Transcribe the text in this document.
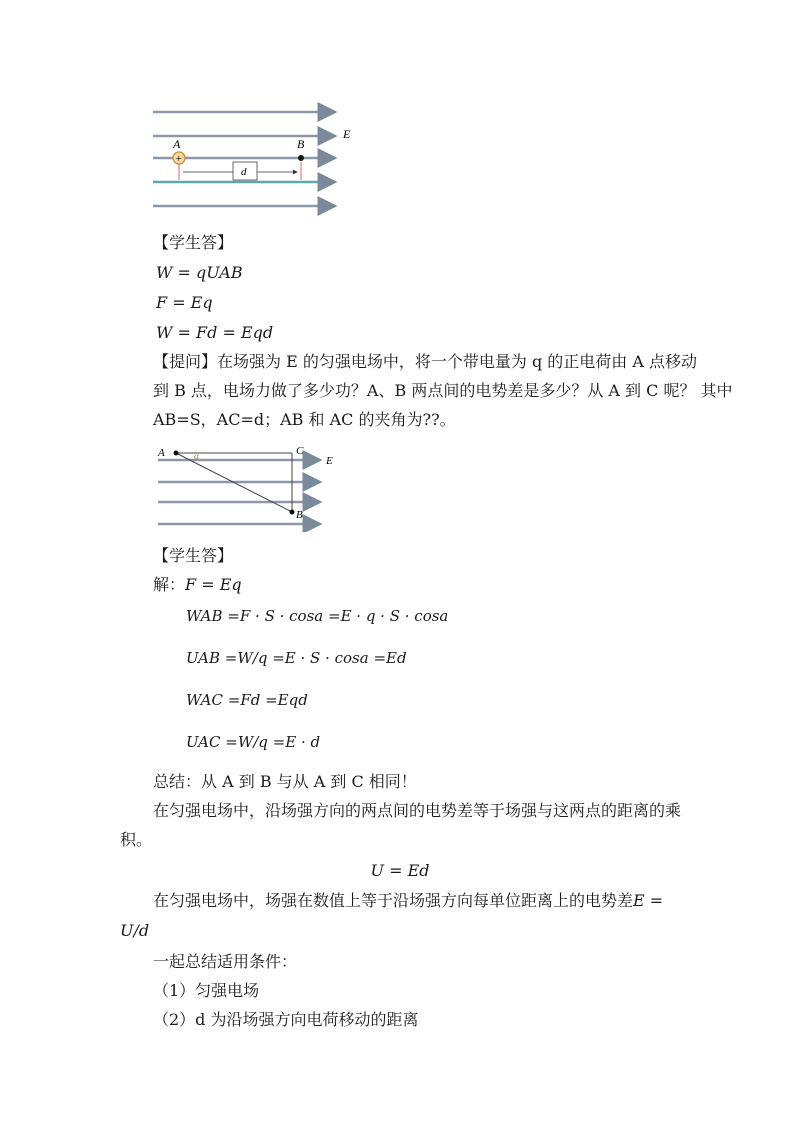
E
+
A	B
d
【学生答】
W = qUAB
F = Eq
W = Fd = Eqd
【提问】在场强为 E 的匀强电场中，将一个带电量为 q 的正电荷由 A 点移动
到 B 点，电场力做了多少功？A、B 两点间的电势差是多少？从 A 到 C 呢？ 其中
AB=S，AC=d；AB 和 AC 的夹角为??。
A	C
B
E
α
【学生答】
解：F = Eq
WAB =F · S · cosa =E · q · S · cosa
UAB =W/q =E · S · cosa =Ed
WAC =Fd =Eqd
UAC =W/q =E · d
总结：从 A 到 B 与从 A 到 C 相同！
在匀强电场中，沿场强方向的两点间的电势差等于场强与这两点的距离的乘
积。
U = Ed
在匀强电场中，场强在数值上等于沿场强方向每单位距离上的电势差E =
U/d
一起总结适用条件：
（1）匀强电场
（2）d 为沿场强方向电荷移动的距离
